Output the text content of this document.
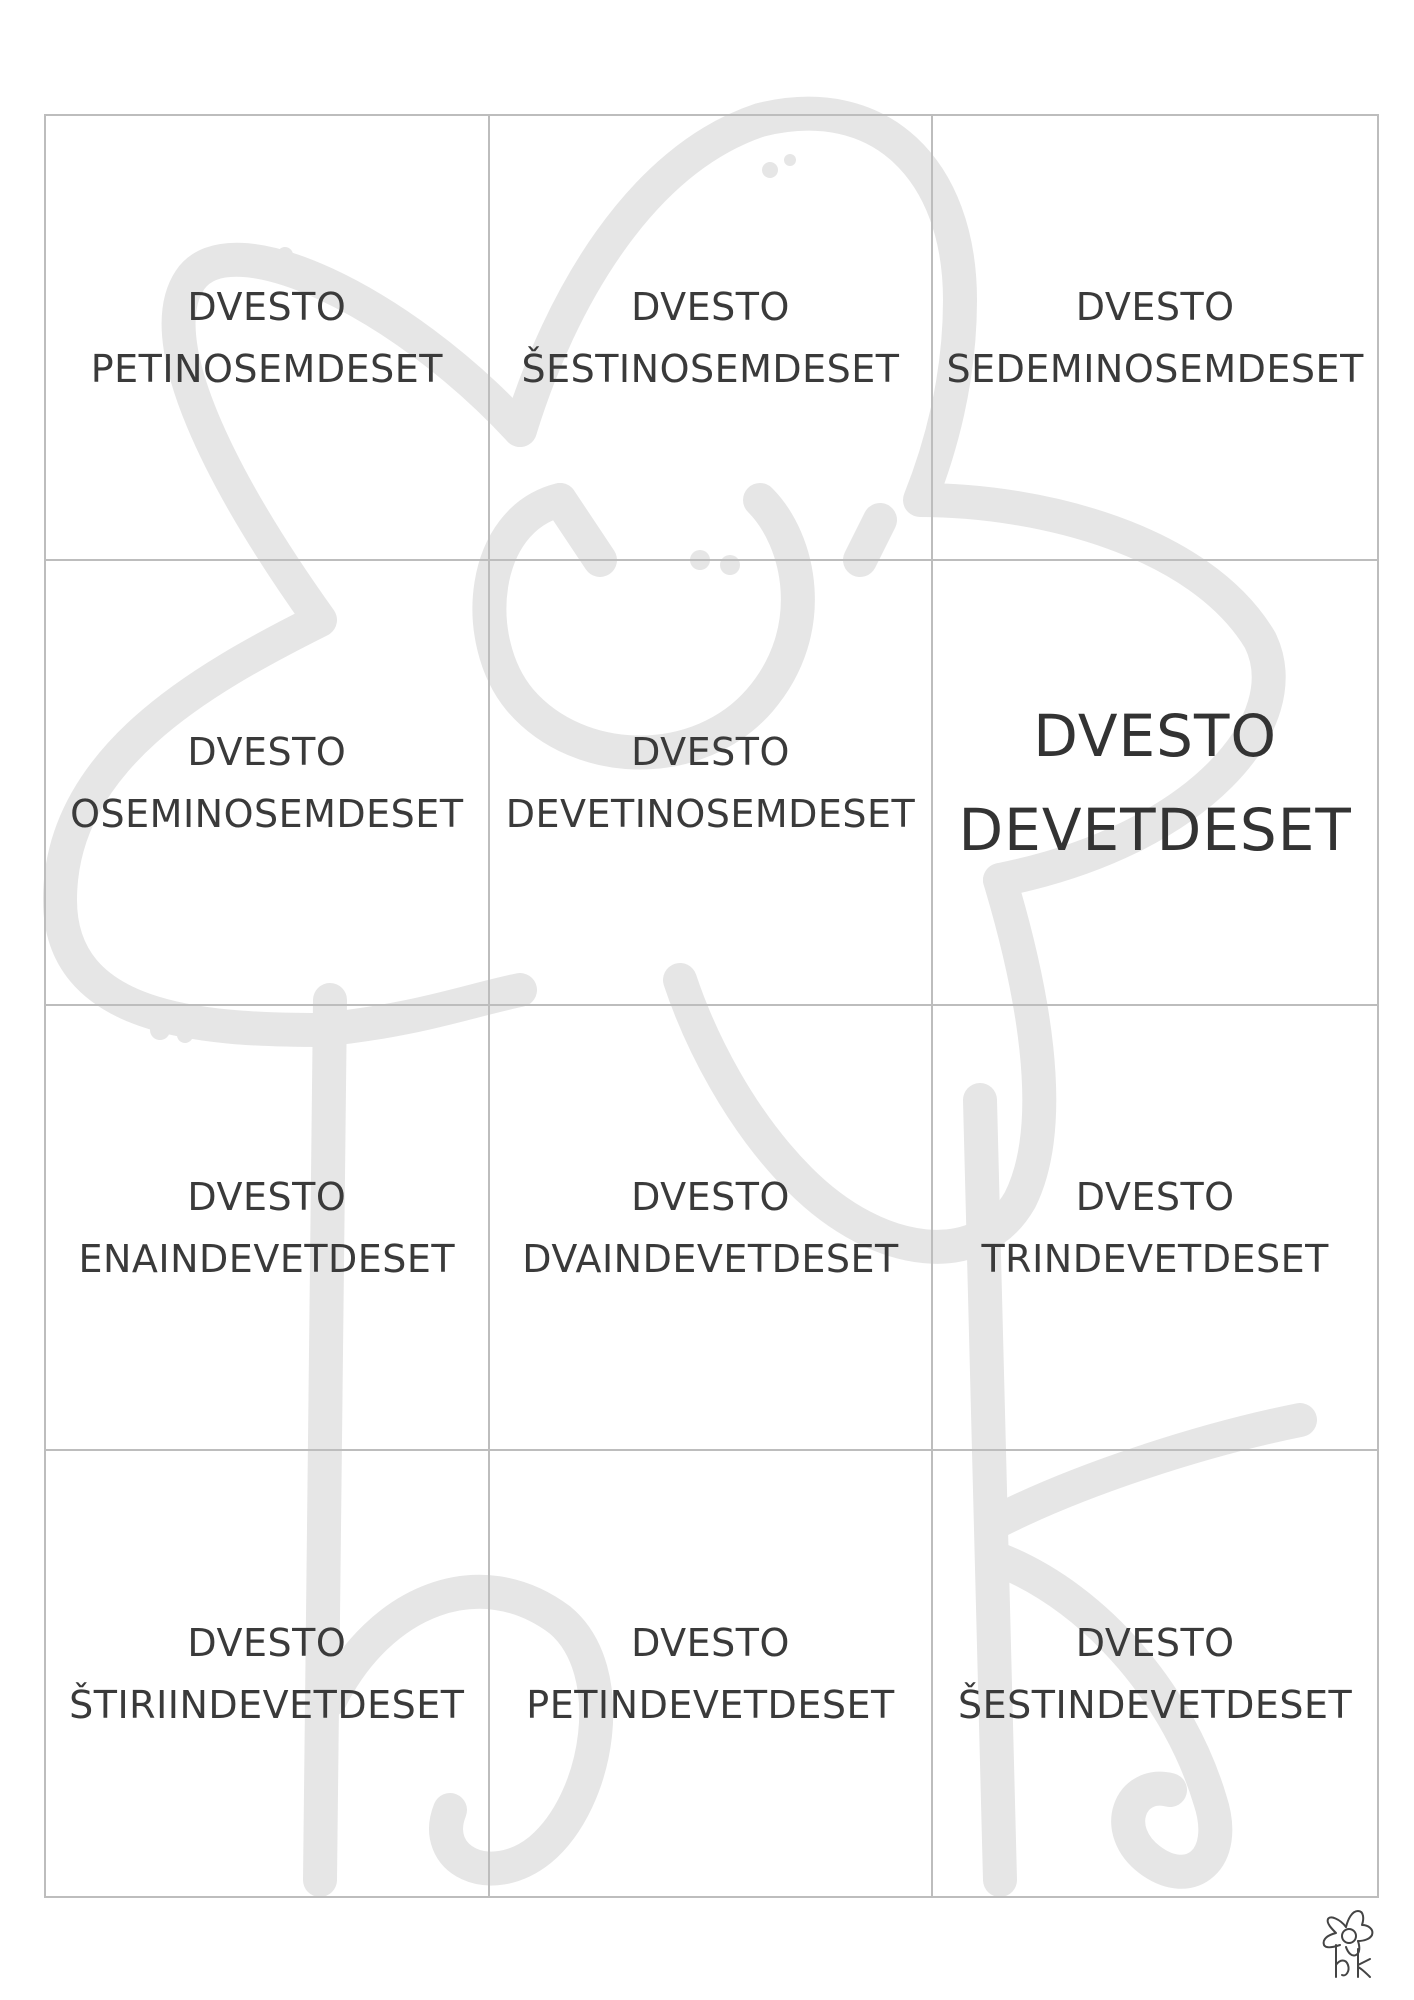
DVESTO
PETINOSEMDESET
DVESTO
ŠESTINOSEMDESET
DVESTO
SEDEMINOSEMDESET
DVESTO
OSEMINOSEMDESET
DVESTO
DEVETINOSEMDESET
DVESTO
DEVETDESET
DVESTO
ENAINDEVETDESET
DVESTO
DVAINDEVETDESET
DVESTO
TRINDEVETDESET
DVESTO
ŠTIRIINDEVETDESET
DVESTO
PETINDEVETDESET
DVESTO
ŠESTINDEVETDESET
